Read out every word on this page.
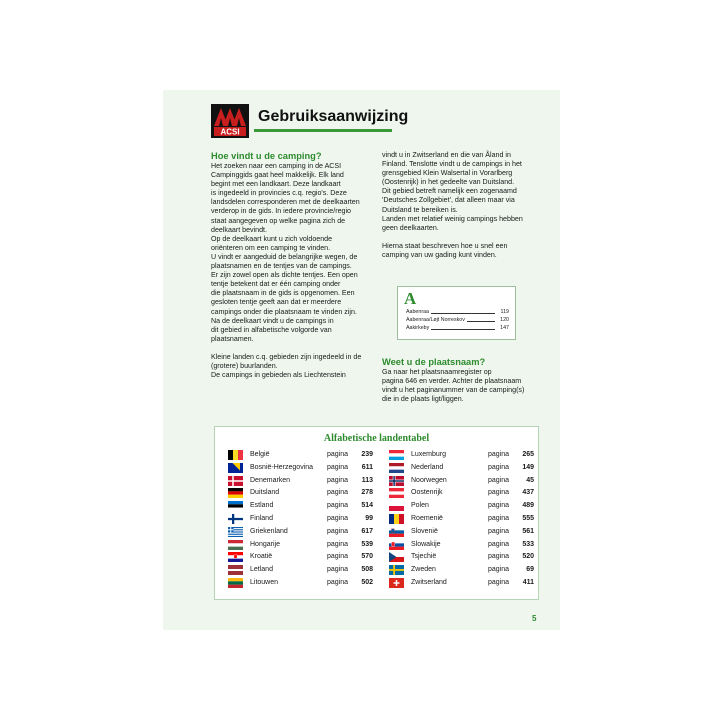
ACSI
Gebruiksaanwijzing
Hoe vindt u de camping?

Het zoeken naar een camping in de ACSI

Campinggids gaat heel makkelijk. Elk land

begint met een landkaart. Deze landkaart

is ingedeeld in provincies c.q. regio's. Deze

landsdelen corresponderen met de deelkaarten

verderop in de gids. In iedere provincie/regio

staat aangegeven op welke pagina zich de

deelkaart bevindt.

Op de deelkaart kunt u zich voldoende

oriënteren om een camping te vinden.

U vindt er aangeduid de belangrijke wegen, de

plaatsnamen en de tentjes van de campings.

Er zijn zowel open als dichte tentjes. Een open

tentje betekent dat er één camping onder

die plaatsnaam in de gids is opgenomen. Een

gesloten tentje geeft aan dat er meerdere

campings onder die plaatsnaam te vinden zijn.

Na de deelkaart vindt u de campings in

dit gebied in alfabetische volgorde van

plaatsnamen.

Kleine landen c.q. gebieden zijn ingedeeld in de

(grotere) buurlanden.

De campings in gebieden als Liechtenstein

vindt u in Zwitserland en die van Åland in

Finland. Tenslotte vindt u de campings in het

grensgebied Klein Walsertal in Vorarlberg

(Oostenrijk) in het gedeelte van Duitsland.

Dit gebied betreft namelijk een zogenaamd

'Deutsches Zollgebiet', dat alleen maar via

Duitsland te bereiken is.

Landen met relatief weinig campings hebben

geen deelkaarten.

Hierna staat beschreven hoe u snel een

camping van uw gading kunt vinden.

A
Aabenraa	119
Aabenraa/Løjt Norreskov	120
Aakirkeby	147
Weet u de plaatsnaam?

Ga naar het plaatsnaamregister op

pagina 646 en verder. Achter de plaatsnaam

vindt u het paginanummer van de camping(s)

die in de plaats ligt/liggen.

Alfabetische landentabel
België	pagina	239
Bosnië-Herzegovina	pagina	611
Denemarken	pagina	113
Duitsland	pagina	278
Estland	pagina	514
Finland	pagina	99
Griekenland	pagina	617
Hongarije	pagina	539
Kroatië	pagina	570
Letland	pagina	508
Litouwen	pagina	502
Luxemburg	pagina	265
Nederland	pagina	149
Noorwegen	pagina	45
Oostenrijk	pagina	437
Polen	pagina	489
Roemenië	pagina	555
Slovenië	pagina	561
Slowakije	pagina	533
Tsjechië	pagina	520
Zweden	pagina	69
Zwitserland	pagina	411
5
